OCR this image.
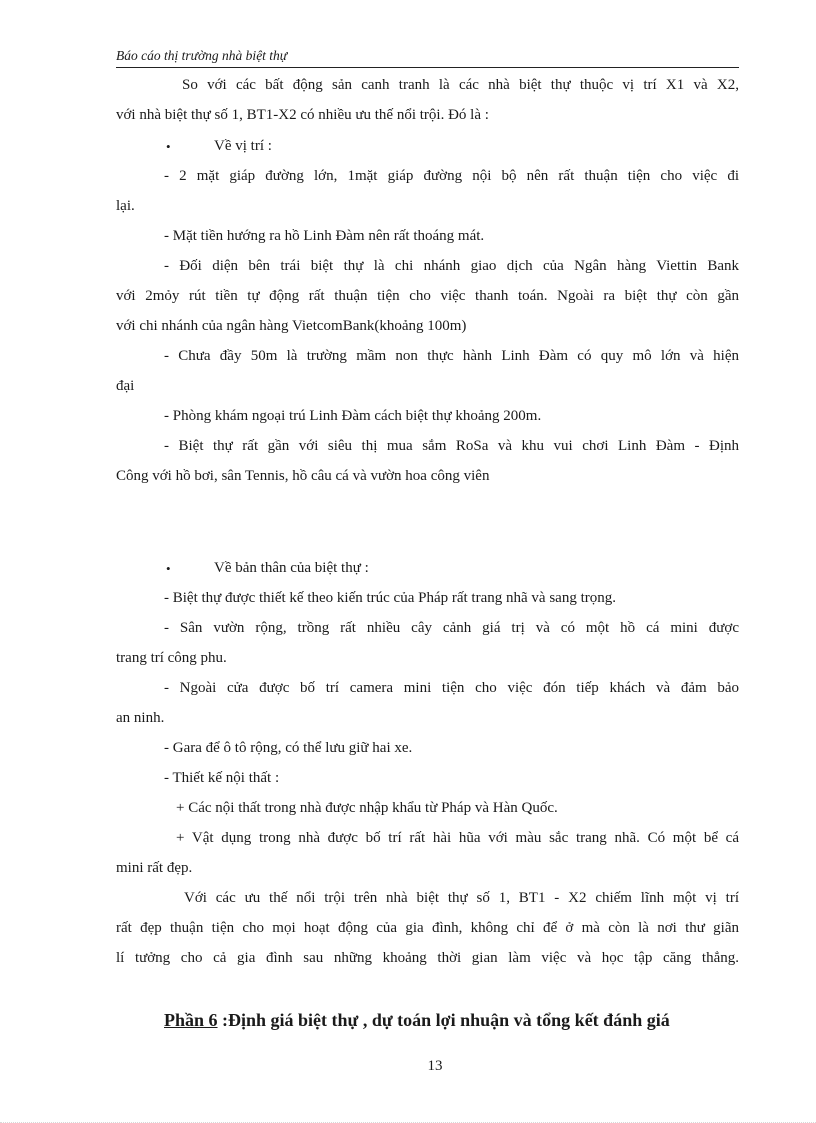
Báo cáo thị trường nhà biệt thự
So với các bất động sản canh tranh là các nhà biệt thự thuộc vị trí X1 và X2,
với nhà biệt thự số 1, BT1-X2 có nhiều ưu thế nổi trội. Đó là :
•	Về vị trí :
- 2 mặt giáp đường lớn, 1mặt giáp đường nội bộ nên rất thuận tiện cho việc đi
lại.
- Mặt tiền hướng ra hồ Linh Đàm nên rất thoáng mát.
- Đối diện bên trái biệt thự là chi nhánh giao dịch của Ngân hàng Viettin Bank
với 2mỏy rút tiền tự động rất thuận tiện cho việc thanh toán. Ngoài ra biệt thự còn gần
với chi nhánh của ngân hàng VietcomBank(khoảng 100m)
- Chưa đầy 50m là trường mầm non thực hành Linh Đàm có quy mô lớn và hiện
đại
- Phòng khám ngoại trú Linh Đàm cách biệt thự khoảng 200m.
- Biệt thự rất gần với siêu thị mua sắm RoSa và khu vui chơi Linh Đàm - Định
Công với hồ bơi, sân Tennis, hồ câu cá và vườn hoa công viên
•	Về bản thân của biệt thự :
- Biệt thự được thiết kế theo kiến trúc của Pháp rất trang nhã và sang trọng.
- Sân vườn rộng, trồng rất nhiều cây cảnh giá trị và có một hồ cá mini được
trang trí công phu.
- Ngoài cửa được bố trí camera mini tiện cho việc đón tiếp khách và đảm bảo
an ninh.
- Gara để ô tô rộng, có thể lưu giữ hai xe.
- Thiết kế nội thất :
+ Các nội thất trong nhà được nhập khẩu từ Pháp và Hàn Quốc.
+ Vật dụng trong nhà được bố trí rất hài hũa với màu sắc trang nhã. Có một bể cá
mini rất đẹp.
Với các ưu thế nổi trội trên nhà biệt thự số 1, BT1 - X2 chiếm lĩnh một vị trí
rất đẹp thuận tiện cho mọi hoạt động của gia đình, không chỉ để ở mà còn là nơi thư giãn
lí tưởng cho cả gia đình sau những khoảng thời gian làm việc và học tập căng thẳng.
Phần 6 :Định giá biệt thự , dự toán lợi nhuận và tổng kết đánh giá
13
